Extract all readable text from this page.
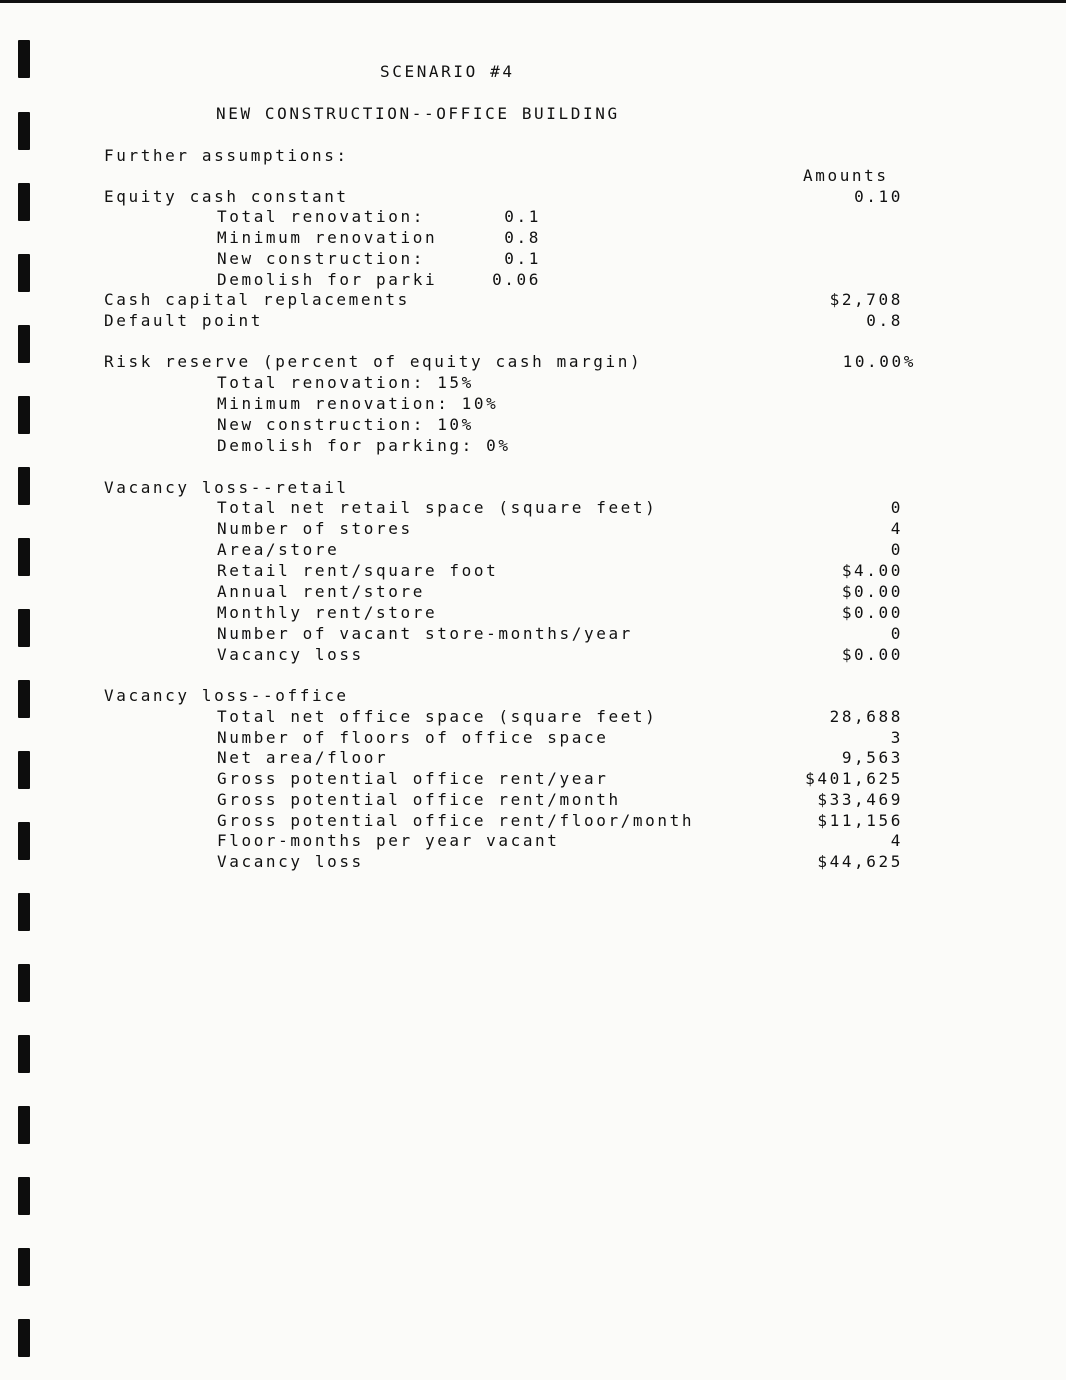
SCENARIO #4
NEW CONSTRUCTION--OFFICE BUILDING
Further assumptions:
Amounts
Equity cash constant	0.10
Total renovation:	0.1
Minimum renovation	0.8
New construction:	0.1
Demolish for parki	0.06
Cash capital replacements	$2,708
Default point	0.8
Risk reserve (percent of equity cash margin)	10.00%
Total renovation: 15%
Minimum renovation: 10%
New construction: 10%
Demolish for parking: 0%
Vacancy loss--retail
Total net retail space (square feet)	0
Number of stores	4
Area/store	0
Retail rent/square foot	$4.00
Annual rent/store	$0.00
Monthly rent/store	$0.00
Number of vacant store-months/year	0
Vacancy loss	$0.00
Vacancy loss--office
Total net office space (square feet)	28,688
Number of floors of office space	3
Net area/floor	9,563
Gross potential office rent/year	$401,625
Gross potential office rent/month	$33,469
Gross potential office rent/floor/month	$11,156
Floor-months per year vacant	4
Vacancy loss	$44,625
